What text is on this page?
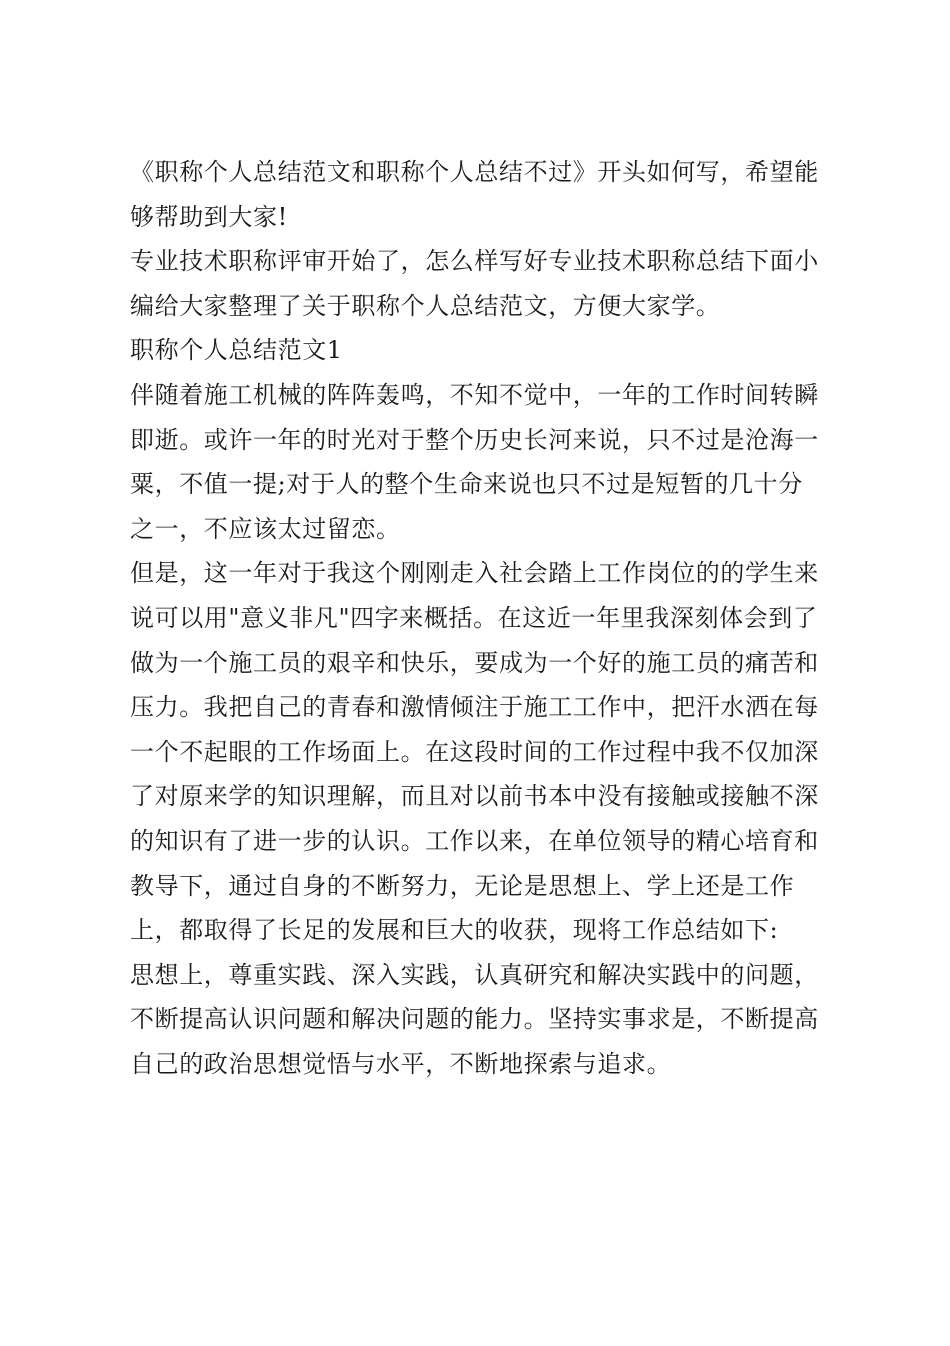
《职称个人总结范文和职称个人总结不过》开头如何写，希望能够帮助到大家!

专业技术职称评审开始了，怎么样写好专业技术职称总结下面小编给大家整理了关于职称个人总结范文，方便大家学。

职称个人总结范文1

伴随着施工机械的阵阵轰鸣，不知不觉中，一年的工作时间转瞬即逝。或许一年的时光对于整个历史长河来说，只不过是沧海一粟，不值一提;对于人的整个生命来说也只不过是短暂的几十分之一，不应该太过留恋。

但是，这一年对于我这个刚刚走入社会踏上工作岗位的的学生来说可以用"意义非凡"四字来概括。在这近一年里我深刻体会到了做为一个施工员的艰辛和快乐，要成为一个好的施工员的痛苦和压力。我把自己的青春和激情倾注于施工工作中，把汗水洒在每一个不起眼的工作场面上。在这段时间的工作过程中我不仅加深了对原来学的知识理解，而且对以前书本中没有接触或接触不深的知识有了进一步的认识。工作以来，在单位领导的精心培育和教导下，通过自身的不断努力，无论是思想上、学上还是工作上，都取得了长足的发展和巨大的收获，现将工作总结如下:

思想上，尊重实践、深入实践，认真研究和解决实践中的问题，不断提高认识问题和解决问题的能力。坚持实事求是，不断提高自己的政治思想觉悟与水平，不断地探索与追求。
